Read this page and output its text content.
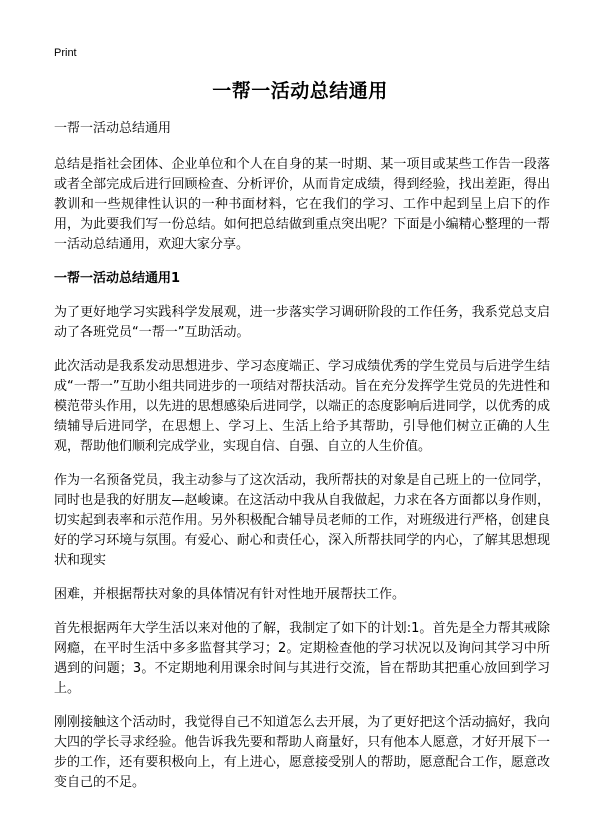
Print
一帮一活动总结通用

一帮一活动总结通用

总结是指社会团体、企业单位和个人在自身的某一时期、某一项目或某些工作告一段落或者全部完成后进行回顾检查、分析评价，从而肯定成绩，得到经验，找出差距，得出教训和一些规律性认识的一种书面材料，它在我们的学习、工作中起到呈上启下的作用，为此要我们写一份总结。如何把总结做到重点突出呢？下面是小编精心整理的一帮一活动总结通用，欢迎大家分享。

一帮一活动总结通用1

为了更好地学习实践科学发展观，进一步落实学习调研阶段的工作任务，我系党总支启动了各班党员“一帮一”互助活动。

此次活动是我系发动思想进步、学习态度端正、学习成绩优秀的学生党员与后进学生结成“一帮一”互助小组共同进步的一项结对帮扶活动。旨在充分发挥学生党员的先进性和模范带头作用，以先进的思想感染后进同学，以端正的态度影响后进同学，以优秀的成绩辅导后进同学，在思想上、学习上、生活上给予其帮助，引导他们树立正确的人生观，帮助他们顺利完成学业，实现自信、自强、自立的人生价值。

作为一名预备党员，我主动参与了这次活动，我所帮扶的对象是自己班上的一位同学，同时也是我的好朋友—赵峻谏。在这活动中我从自我做起，力求在各方面都以身作则，切实起到表率和示范作用。另外积极配合辅导员老师的工作，对班级进行严格，创建良好的学习环境与氛围。有爱心、耐心和责任心，深入所帮扶同学的内心，了解其思想现状和现实

困难，并根据帮扶对象的具体情况有针对性地开展帮扶工作。

首先根据两年大学生活以来对他的了解，我制定了如下的计划:1。首先是全力帮其戒除网瘾，在平时生活中多多监督其学习；2。定期检查他的学习状况以及询问其学习中所遇到的问题；3。不定期地利用课余时间与其进行交流，旨在帮助其把重心放回到学习上。

刚刚接触这个活动时，我觉得自己不知道怎么去开展，为了更好把这个活动搞好，我向大四的学长寻求经验。他告诉我先要和帮助人商量好，只有他本人愿意，才好开展下一步的工作，还有要积极向上，有上进心，愿意接受别人的帮助，愿意配合工作，愿意改变自己的不足。
